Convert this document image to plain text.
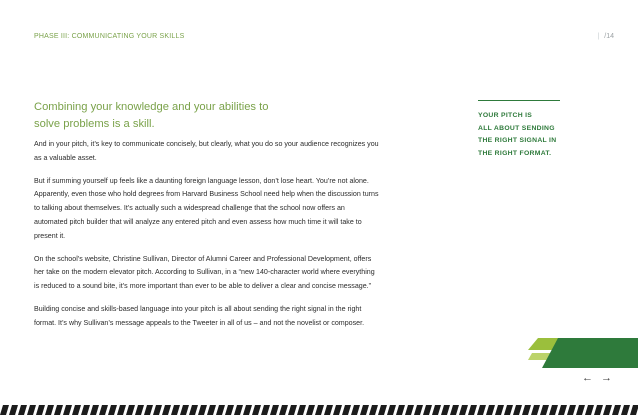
PHASE III: COMMUNICATING YOUR SKILLS	| /14
Combining your knowledge and your abilities to solve problems is a skill.

And in your pitch, it’s key to communicate concisely, but clearly, what you do so your audience recognizes you as a valuable asset.

But if summing yourself up feels like a daunting foreign language lesson, don’t lose heart. You’re not alone. Apparently, even those who hold degrees from Harvard Business School need help when the discussion turns to talking about themselves. It’s actually such a widespread challenge that the school now offers an automated pitch builder that will analyze any entered pitch and even assess how much time it will take to present it.

On the school’s website, Christine Sullivan, Director of Alumni Career and Professional Development, offers her take on the modern elevator pitch. According to Sullivan, in a “new 140-character world where everything is reduced to a sound bite, it’s more important than ever to be able to deliver a clear and concise message.”

Building concise and skills-based language into your pitch is all about sending the right signal in the right format. It’s why Sullivan’s message appeals to the Tweeter in all of us – and not the novelist or composer.

YOUR PITCH IS
ALL ABOUT SENDING
THE RIGHT SIGNAL IN
THE RIGHT FORMAT.
← →
